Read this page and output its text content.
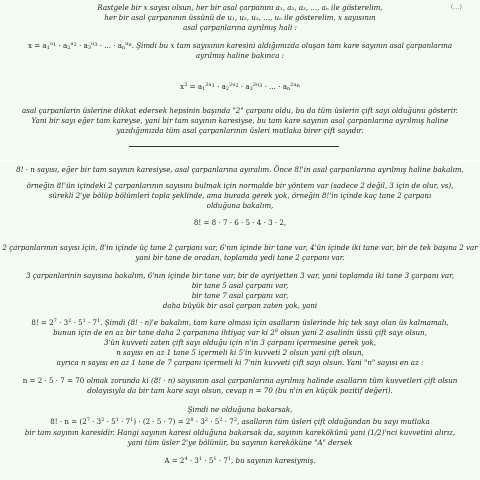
(...)
Rastgele bir x sayısı olsun, her bir asal çarpanını a₁, a₂, a₃, ..., aₙ ile gösterelim,
her bir asal çarpanının üssünü de u₁, u₂, u₃, ..., uₙ ile gösterelim, x sayısının
asal çarpanlarına ayrılmış hali :
$x = a_1^{u_1} \cdot a_2^{u_2} \cdot a_3^{u_3}$ · ... · $a_n^{u_n}$. Şimdi bu x tam sayısının karesini aldığımızda oluşan tam kare sayının asal çarpanlarına
ayrılmış haline bakınca :
$x^2 = a_1^{2u_1} \cdot a_2^{2u_2} \cdot a_3^{2u_3}$ · ... · $a_n^{2u_n}$
asal çarpanlarin üslerine dikkat edersek hepsinin başında "2" çarpanı oldu, bu da tüm üslerin çift sayı olduğunu gösterir.
Yani bir sayı eğer tam kareyse, yani bir tam sayının karesiyse, bu tam kare sayının asal çarpanlarına ayrılmış haline
yazdığımızda tüm asal çarpanlarının üsleri mutlaka birer çift sayıdır.
8! · n sayısı, eğer bir tam sayının karesiyse, asal çarpanlarına ayıralım. Önce 8!'in asal çarpanlarına ayrılmış haline bakalım,
örneğin 8!'ün içindeki 2 çarpanlarının sayısını bulmak için normalde bir yöntem var (sadece 2 değil, 3 için de olur, vs),
sürekli 2'ye bölüp bölümleri topla şeklinde, ama burada gerek yok, örneğin 8!'in içinde kaç tane 2 çarpanı
olduğuna bakalım,
8! = 8 · 7 · 6 · 5 · 4 · 3 · 2,
2 çarpanlarının sayısı için, 8'in içinde üç tane 2 çarpanı var, 6'nın içinde bir tane var, 4'ün içinde iki tane var, bir de tek başına 2 var
yani bir tane de oradan, toplamda yedi tane 2 çarpanı var.
3 çarpanlarinin sayısına bakalım, 6'nın içinde bir tane var, bir de ayriyetten 3 var, yani toplamda iki tane 3 çarpanı var,
bir tane 5 asal çarpanı var,
bir tane 7 asal çarpanı var,
daha büyük bir asal çarpan zaten yok, yani
8! = $2^7 \cdot 3^2 \cdot 5^1 \cdot 7^1$. Şimdi (8! · n)'e bakalım, tam kare olması için asalların üslerinde hiç tek sayı olan üs kalmamalı,
bunun için de en az bir tane daha 2 çarpanına ihtiyaç var ki $2^8$ olsun yani 2 asalinin üssü çift sayı olsun,
3'ün kuvveti zaten çift sayı olduğu için n'in 3 çarpanı içermesine gerek yok,
n sayısı en az 1 tane 5 içermeli ki 5'in kuvveti 2 olsun yani çift olsun,
ayrıca n sayısı en az 1 tane de 7 çarpanı içermeli ki 7'nin kuvveti çift sayı olsun. Yani "n" sayısı en az :
n = 2 · 5 · 7 = 70 olmak zorunda ki (8! · n) sayısının asal çarpanlarına ayrılmış halinde asalların tüm kuvvetleri çift olsun
dolayısıyla da bir tam kare sayı olsun, cevap n = 70 (bu n'in en küçük pozitif değeri).
Şimdi ne olduğuna bakarsak,
8! · $n = (2^7 \cdot 3^2 \cdot 5^1 \cdot 7^1) \cdot (2 \cdot 5 \cdot 7) = 2^8 \cdot 3^2 \cdot 5^2 \cdot 7^2$, asalların tüm üsleri çift olduğundan bu sayı mutlaka
bir tam sayının karesidir. Hangi sayının karesi olduğuna bakarsak da, sayının karekökünü yani (1/2)'nci kuvvetini alırız,
yani tüm üsler 2'ye bölünür, bu sayının kareköküne "A" dersek
$A = 2^4 \cdot 3^1 \cdot 5^1 \cdot 7^1$, bu sayının karesiymiş.
